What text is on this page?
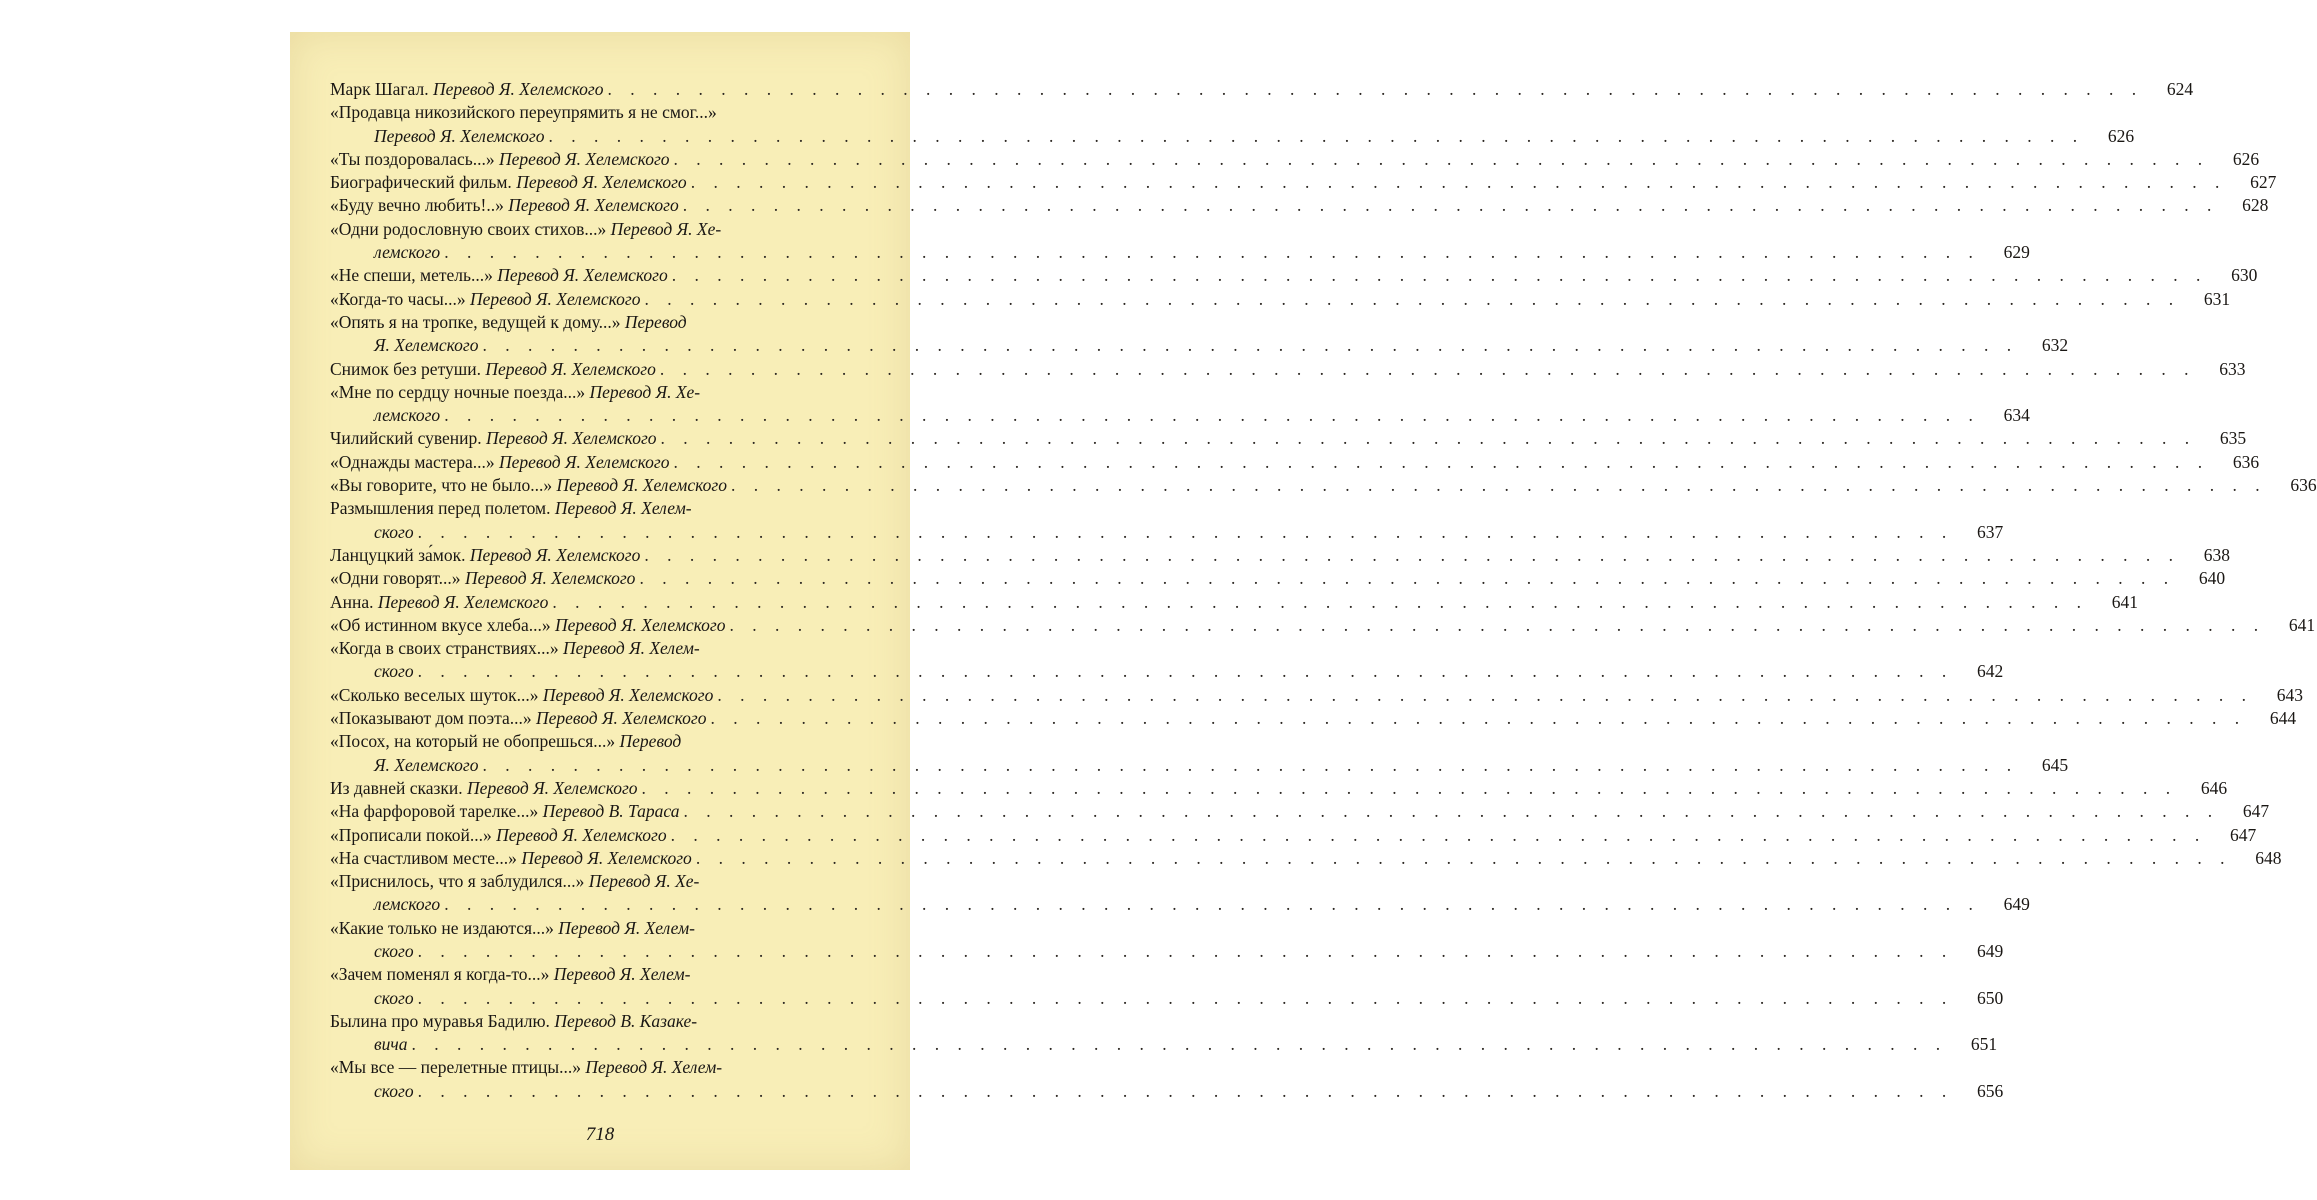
Марк Шагал. Перевод Я. Хелемского . . .	624
«Продавца никозийского переупрямить я не смог...»
Перевод Я. Хелемского . . .	626
«Ты поздоровалась...» Перевод Я. Хелемского . . .	626
Биографический фильм. Перевод Я. Хелемского . . .	627
«Буду вечно любить!..» Перевод Я. Хелемского . . .	628
«Одни родословную своих стихов...» Перевод Я. Хе-
лемского . . .	629
«Не спеши, метель...» Перевод Я. Хелемского . . .	630
«Когда-то часы...» Перевод Я. Хелемского . . .	631
«Опять я на тропке, ведущей к дому...» Перевод
Я. Хелемского . . .	632
Снимок без ретуши. Перевод Я. Хелемского . . .	633
«Мне по сердцу ночные поезда...» Перевод Я. Хе-
лемского . . .	634
Чилийский сувенир. Перевод Я. Хелемского . . .	635
«Однажды мастера...» Перевод Я. Хелемского . . .	636
«Вы говорите, что не было...» Перевод Я. Хелемского . . .	636
Размышления перед полетом. Перевод Я. Хелем-
ского . . .	637
Ланцуцкий за́мок. Перевод Я. Хелемского . . .	638
«Одни говорят...» Перевод Я. Хелемского . . .	640
Анна. Перевод Я. Хелемского . . .	641
«Об истинном вкусе хлеба...» Перевод Я. Хелемского . . .	641
«Когда в своих странствиях...» Перевод Я. Хелем-
ского . . .	642
«Сколько веселых шуток...» Перевод Я. Хелемского . . .	643
«Показывают дом поэта...» Перевод Я. Хелемского . . .	644
«Посох, на который не обопрешься...» Перевод
Я. Хелемского . . .	645
Из давней сказки. Перевод Я. Хелемского . . .	646
«На фарфоровой тарелке...» Перевод В. Тараса . . .	647
«Прописали покой...» Перевод Я. Хелемского . . .	647
«На счастливом месте...» Перевод Я. Хелемского . . .	648
«Приснилось, что я заблудился...» Перевод Я. Хе-
лемского . . .	649
«Какие только не издаются...» Перевод Я. Хелем-
ского . . .	649
«Зачем поменял я когда-то...» Перевод Я. Хелем-
ского . . .	650
Былина про муравья Бадилю. Перевод В. Казаке-
вича . . .	651
«Мы все — перелетные птицы...» Перевод Я. Хелем-
ского . . .	656
718
